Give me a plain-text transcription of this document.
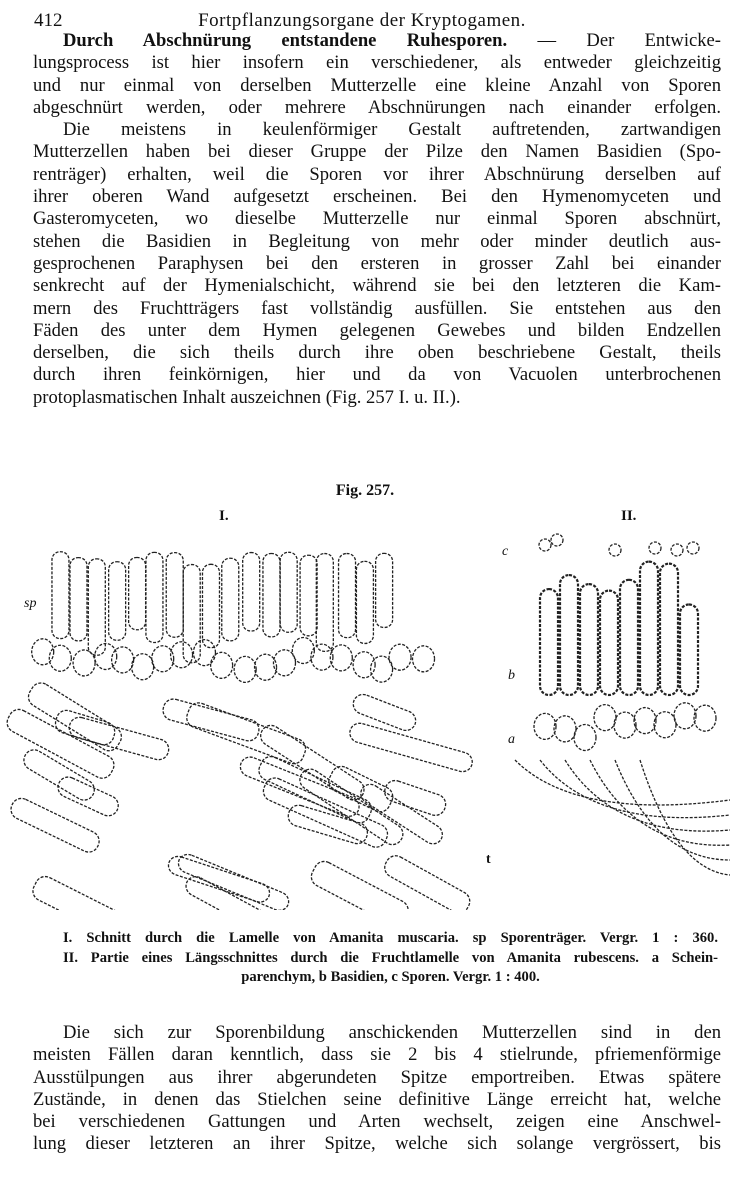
412	Fortpflanzungsorgane der Kryptogamen.
Durch Abschnürung entstandene Ruhesporen. — Der Entwicke-
lungsprocess ist hier insofern ein verschiedener, als entweder gleichzeitig
und nur einmal von derselben Mutterzelle eine kleine Anzahl von Sporen
abgeschnürt werden, oder mehrere Abschnürungen nach einander erfolgen.
Die meistens in keulenförmiger Gestalt auftretenden, zartwandigen
Mutterzellen haben bei dieser Gruppe der Pilze den Namen Basidien (Spo-
renträger) erhalten, weil die Sporen vor ihrer Abschnürung derselben auf
ihrer oberen Wand aufgesetzt erscheinen. Bei den Hymenomyceten und
Gasteromyceten, wo dieselbe Mutterzelle nur einmal Sporen abschnürt,
stehen die Basidien in Begleitung von mehr oder minder deutlich aus-
gesprochenen Paraphysen bei den ersteren in grosser Zahl bei einander
senkrecht auf der Hymenialschicht, während sie bei den letzteren die Kam-
mern des Fruchtträgers fast vollständig ausfüllen. Sie entstehen aus den
Fäden des unter dem Hymen gelegenen Gewebes und bilden Endzellen
derselben, die sich theils durch ihre oben beschriebene Gestalt, theils
durch ihren feinkörnigen, hier und da von Vacuolen unterbrochenen
protoplasmatischen Inhalt auszeichnen (Fig. 257 I. u. II.).
Fig. 257.
I.	II.
sp
t
c
b
a
I. Schnitt durch die Lamelle von Amanita muscaria. sp Sporenträger. Vergr. 1 : 360.
II. Partie eines Längsschnittes durch die Fruchtlamelle von Amanita rubescens. a Schein-
parenchym, b Basidien, c Sporen. Vergr. 1 : 400.
Die sich zur Sporenbildung anschickenden Mutterzellen sind in den
meisten Fällen daran kenntlich, dass sie 2 bis 4 stielrunde, pfriemenförmige
Ausstülpungen aus ihrer abgerundeten Spitze emportreiben. Etwas spätere
Zustände, in denen das Stielchen seine definitive Länge erreicht hat, welche
bei verschiedenen Gattungen und Arten wechselt, zeigen eine Anschwel-
lung dieser letzteren an ihrer Spitze, welche sich solange vergrössert, bis
